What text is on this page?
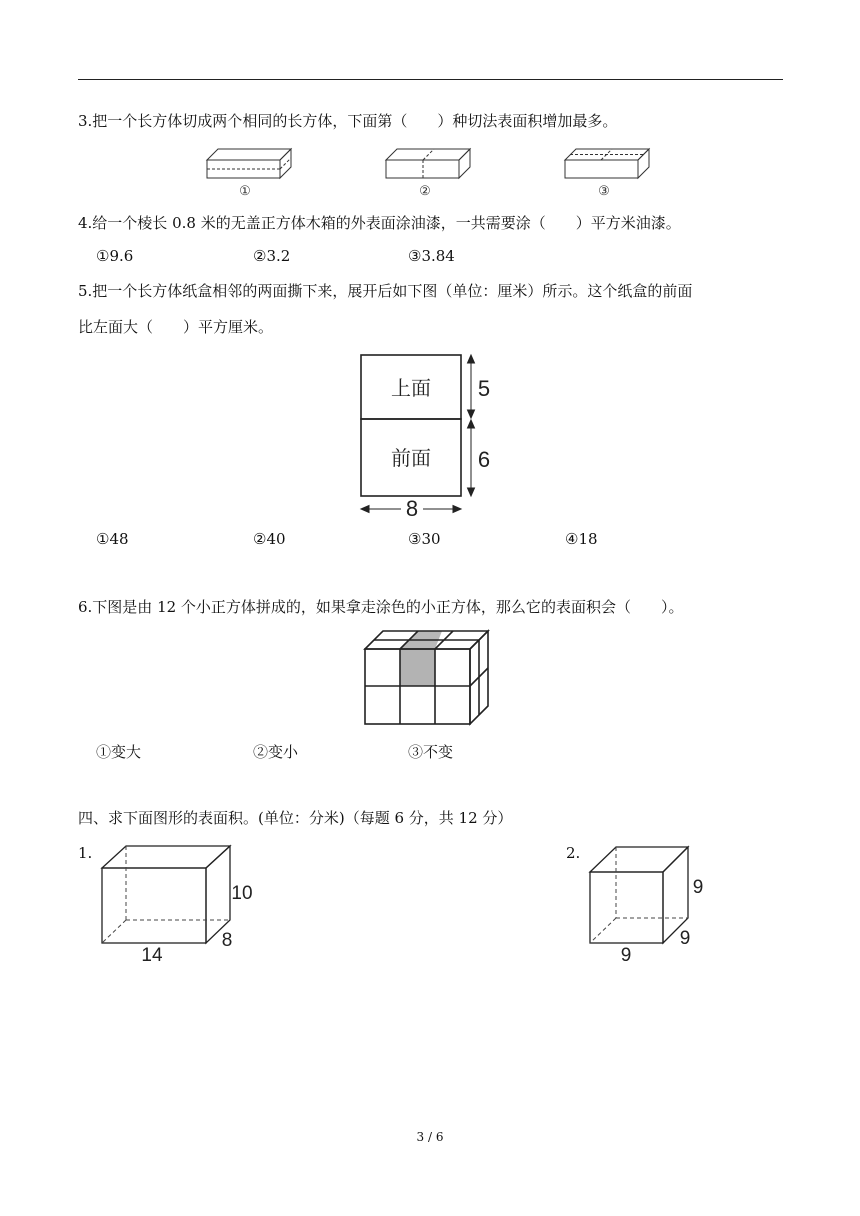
3.把一个长方体切成两个相同的长方体，下面第（　　）种切法表面积增加最多。
①	②	③
4.给一个棱长 0.8 米的无盖正方体木箱的外表面涂油漆，一共需要涂（　　）平方米油漆。
①9.6	②3.2	③3.84
5.把一个长方体纸盒相邻的两面撕下来，展开后如下图（单位：厘米）所示。这个纸盒的前面
比左面大（　　）平方厘米。
上面
前面
5
6
8
①48	②40	③30	④18
6.下图是由 12 个小正方体拼成的，如果拿走涂色的小正方体，那么它的表面积会（　　）。
①变大	②变小	③不变
四、求下面图形的表面积。(单位：分米)（每题 6 分，共 12 分）
1.
10
8
14
2.
9
9
9
3 / 6
